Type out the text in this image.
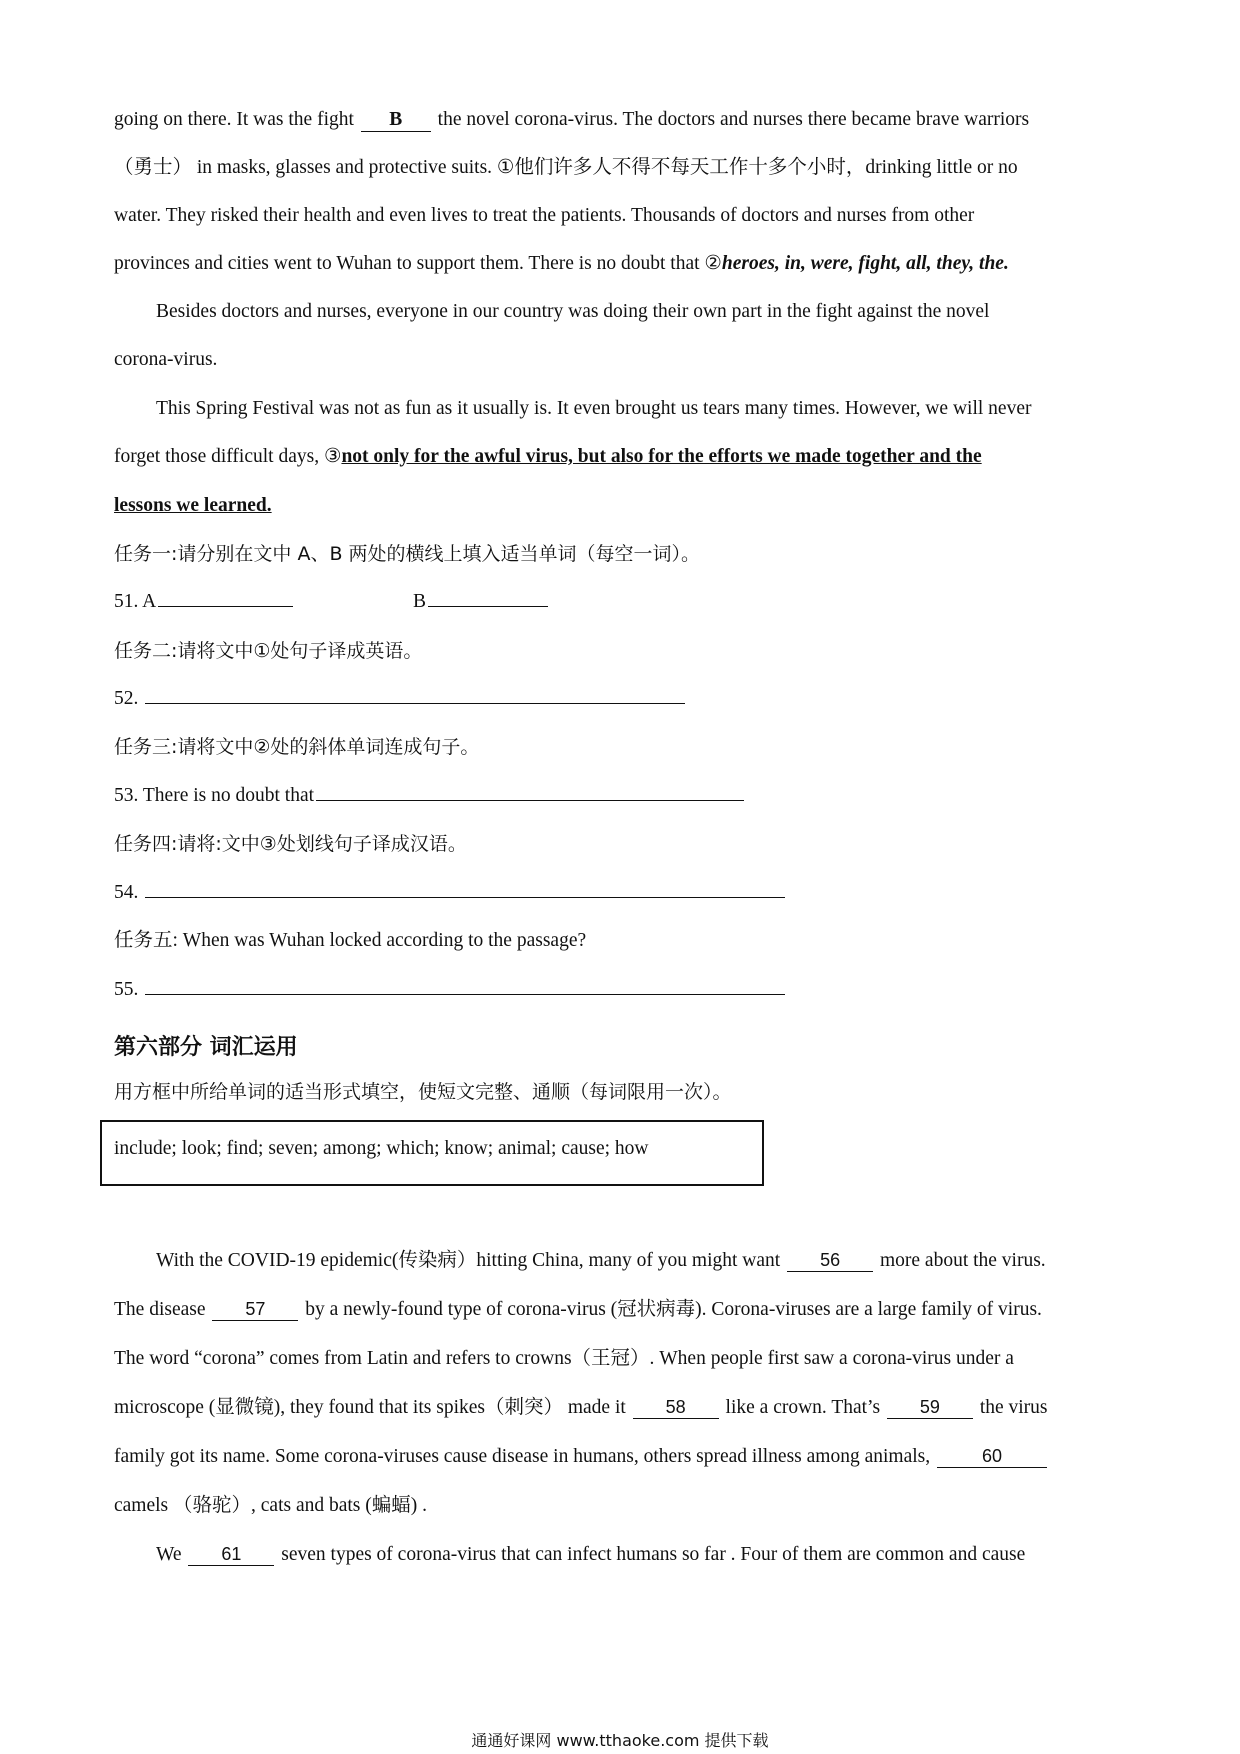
going on there. It was the fight B the novel corona-virus. The doctors and nurses there became brave warriors
（勇士） in masks, glasses and protective suits. ①他们许多人不得不每天工作十多个小时，drinking little or no
water. They risked their health and even lives to treat the patients. Thousands of doctors and nurses from other
provinces and cities went to Wuhan to support them. There is no doubt that ②heroes, in, were, fight, all, they, the.
Besides doctors and nurses, everyone in our country was doing their own part in the fight against the novel
corona-virus.
This Spring Festival was not as fun as it usually is. It even brought us tears many times. However, we will never
forget those difficult days, ③not only for the awful virus, but also for the efforts we made together and the
lessons we learned.
任务一:请分别在文中 A、B 两处的横线上填入适当单词（每空一词）。
51. A	B
任务二:请将文中①处句子译成英语。
52.
任务三:请将文中②处的斜体单词连成句子。
53. There is no doubt that
任务四:请将:文中③处划线句子译成汉语。
54.
任务五: When was Wuhan locked according to the passage?
55.
第六部分 词汇运用
用方框中所给单词的适当形式填空，使短文完整、通顺（每词限用一次）。
include; look; find; seven; among; which; know; animal; cause; how
With the COVID-19 epidemic(传染病）hitting China, many of you might want 56 more about the virus.
The disease 57 by a newly-found type of corona-virus (冠状病毒). Corona-viruses are a large family of virus.
The word “corona” comes from Latin and refers to crowns（王冠）. When people first saw a corona-virus under a
microscope (显微镜), they found that its spikes（刺突） made it 58 like a crown. That’s 59 the virus
family got its name. Some corona-viruses cause disease in humans, others spread illness among animals,	60
camels （骆驼）, cats and bats (蝙蝠) .
We 61 seven types of corona-virus that can infect humans so far . Four of them are common and cause
通通好课网 www.tthaoke.com 提供下载
